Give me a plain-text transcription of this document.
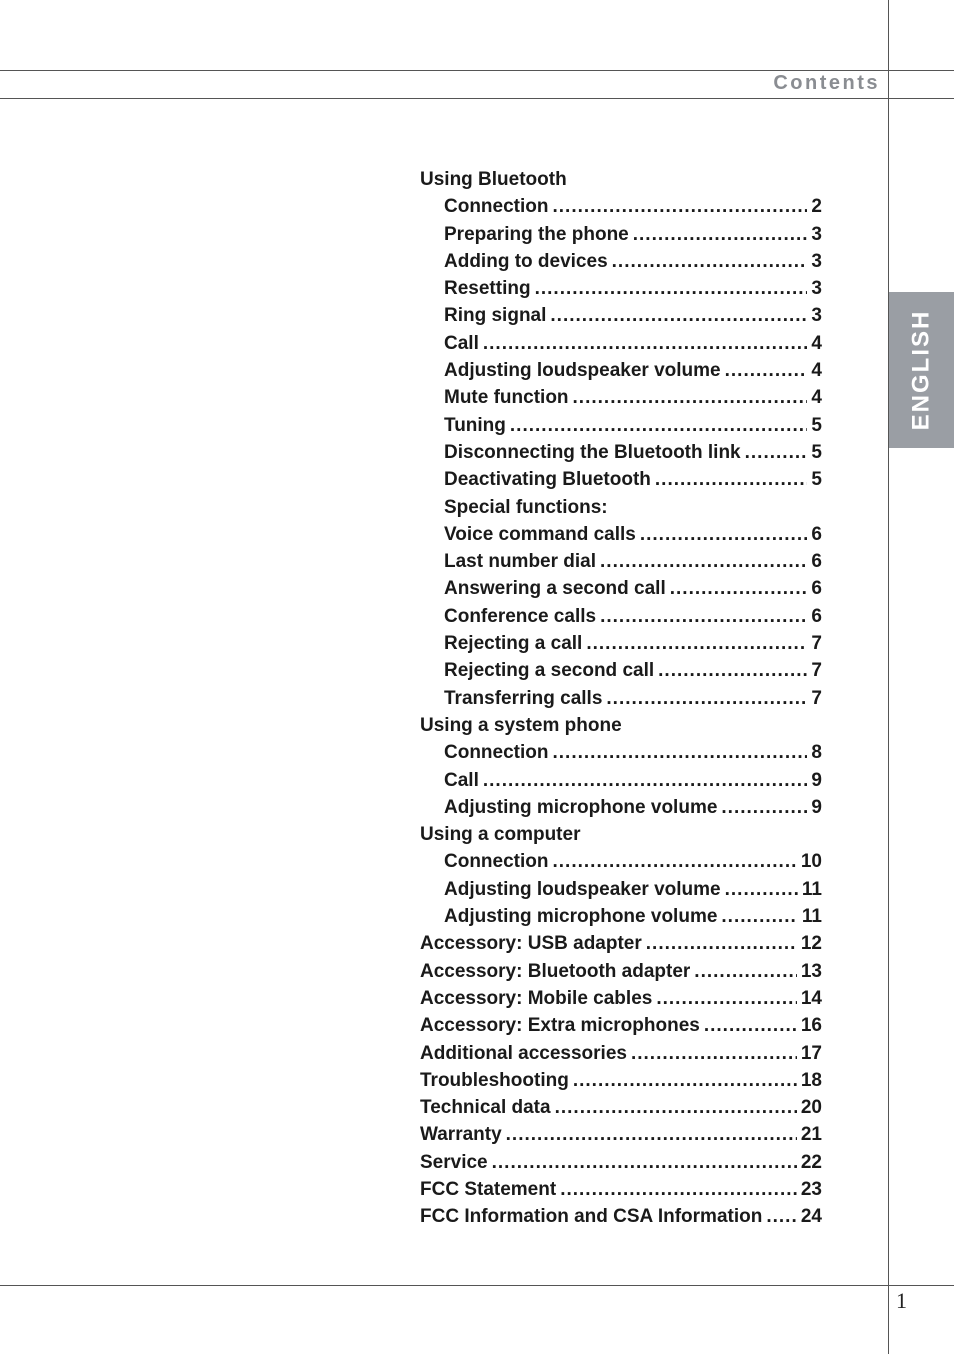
Contents
ENGLISH
Using Bluetooth
Connection .....	2
Preparing the phone .....	3
Adding to devices .....	3
Resetting .....	3
Ring signal .....	3
Call .....	4
Adjusting loudspeaker volume .....	4
Mute function .....	4
Tuning .....	5
Disconnecting the Bluetooth link .....	5
Deactivating Bluetooth .....	5
Special functions:
Voice command calls .....	6
Last number dial .....	6
Answering a second call .....	6
Conference calls .....	6
Rejecting a call .....	7
Rejecting a second call .....	7
Transferring calls .....	7
Using a system phone
Connection .....	8
Call .....	9
Adjusting microphone volume .....	9
Using a computer
Connection .....	10
Adjusting loudspeaker volume .....	11
Adjusting microphone volume .....	11
Accessory: USB adapter .....	12
Accessory: Bluetooth adapter .....	13
Accessory: Mobile cables .....	14
Accessory: Extra microphones .....	16
Additional accessories .....	17
Troubleshooting .....	18
Technical data .....	20
Warranty .....	21
Service .....	22
FCC Statement .....	23
FCC Information and CSA Information ..... 24
1
